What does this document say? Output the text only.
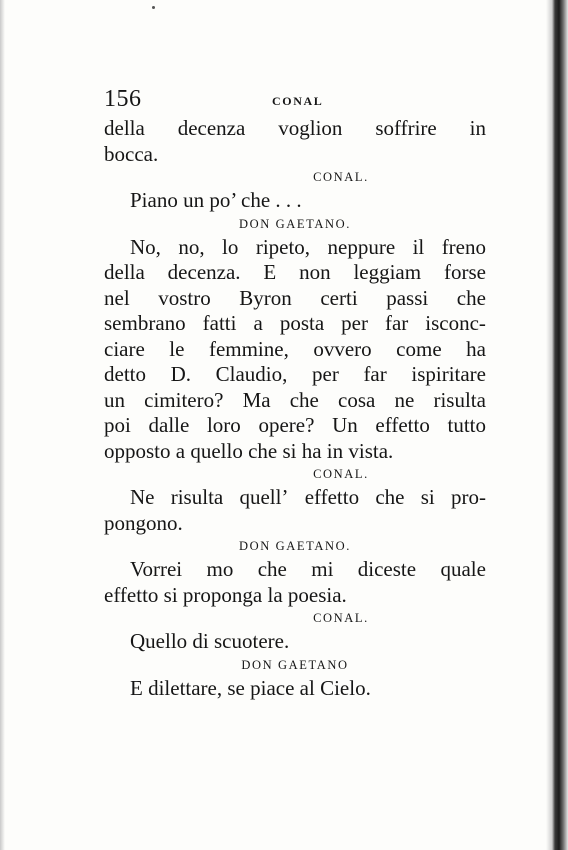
156	CONAL
della decenza voglion soffrire in
bocca.
CONAL.
Piano un po’ che . . .
DON GAETANO.
No, no, lo ripeto, neppure il freno
della decenza. E non leggiam forse
nel vostro Byron certi passi che
sembrano fatti a posta per far isconc-
ciare le femmine, ovvero come ha
detto D. Claudio, per far ispiritare
un cimitero? Ma che cosa ne risulta
poi dalle loro opere? Un effetto tutto
opposto a quello che si ha in vista.
CONAL.
Ne risulta quell’ effetto che si pro-
pongono.
DON GAETANO.
Vorrei mo che mi diceste quale
effetto si proponga la poesia.
CONAL.
Quello di scuotere.
DON GAETANO
E dilettare, se piace al Cielo.
